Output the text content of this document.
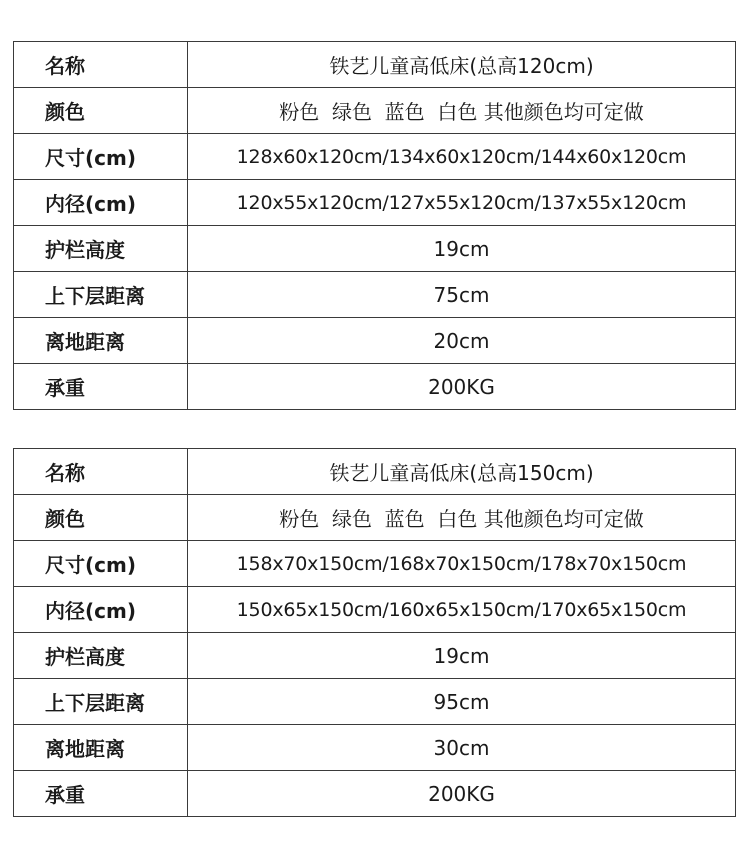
名称	铁艺儿童高低床(总高120cm)
颜色	粉色  绿色  蓝色  白色 其他颜色均可定做
尺寸(cm)	128x60x120cm/134x60x120cm/144x60x120cm
内径(cm)	120x55x120cm/127x55x120cm/137x55x120cm
护栏高度	19cm
上下层距离	75cm
离地距离	20cm
承重	200KG
名称	铁艺儿童高低床(总高150cm)
颜色	粉色  绿色  蓝色  白色 其他颜色均可定做
尺寸(cm)	158x70x150cm/168x70x150cm/178x70x150cm
内径(cm)	150x65x150cm/160x65x150cm/170x65x150cm
护栏高度	19cm
上下层距离	95cm
离地距离	30cm
承重	200KG
